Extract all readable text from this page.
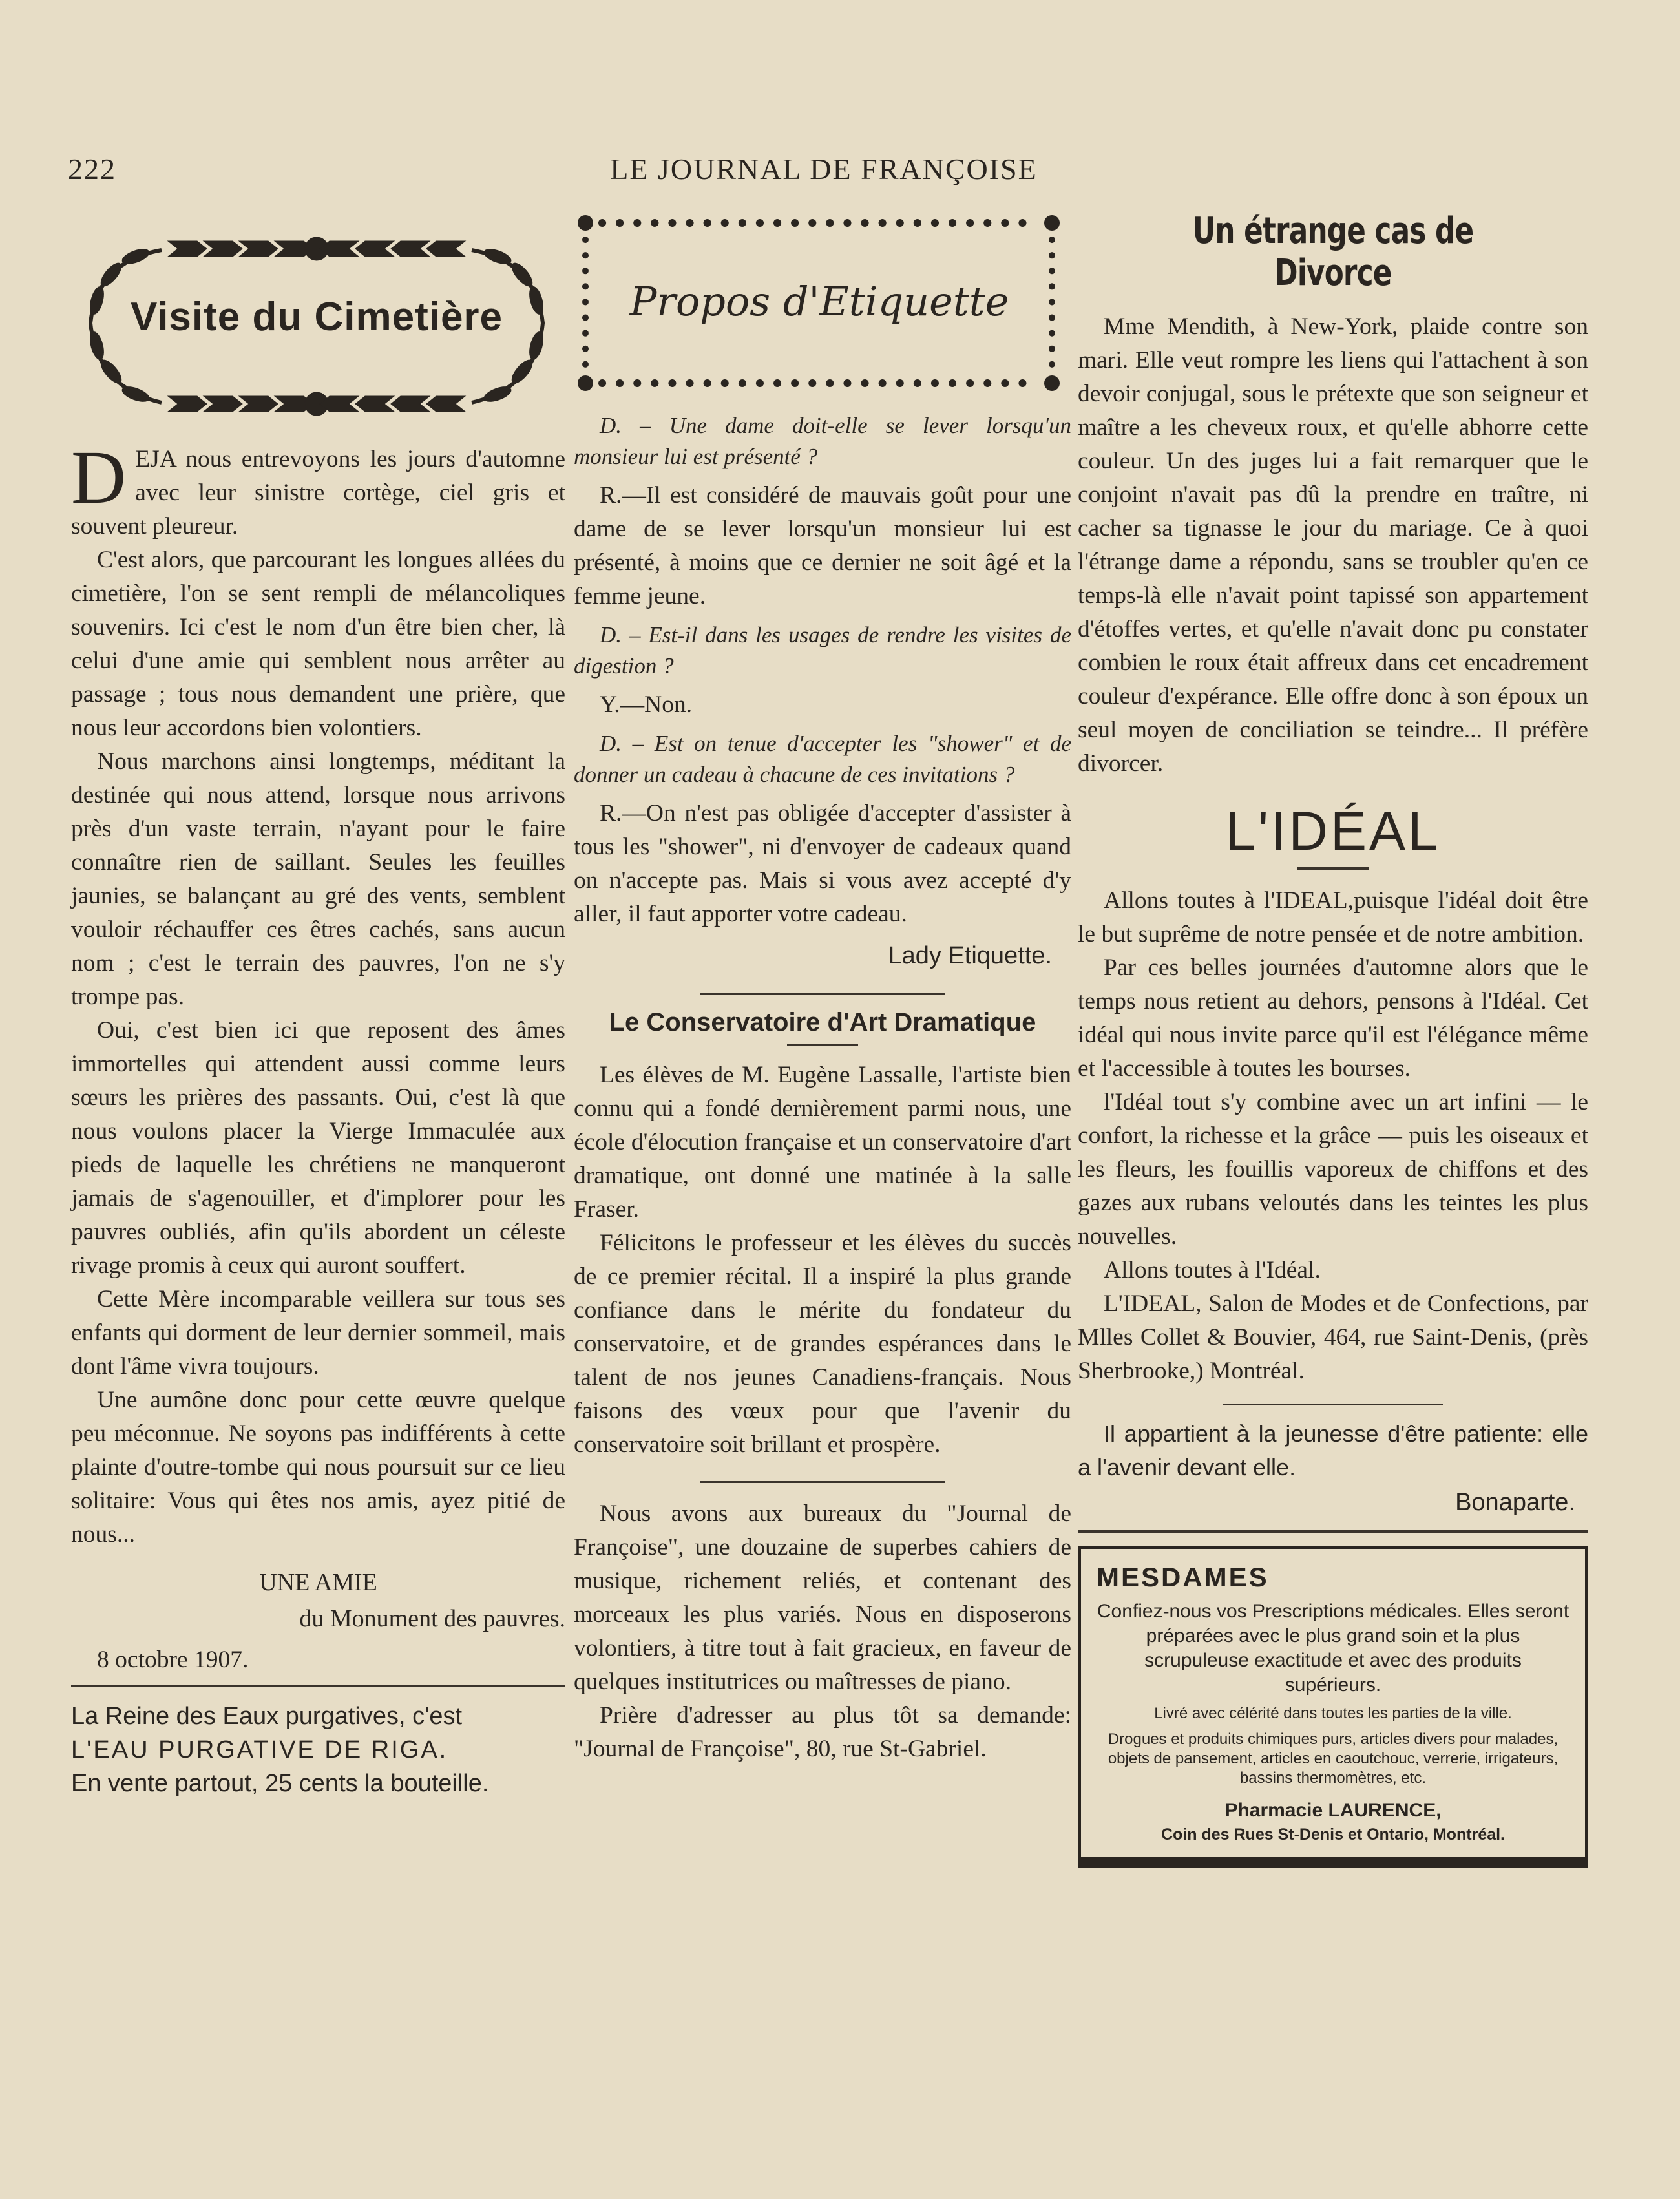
222	LE JOURNAL DE FRANÇOISE
Visite du Cimetière

DEJA nous entrevoyons les jours d'automne avec leur sinistre cortège, ciel gris et souvent pleureur.

C'est alors, que parcourant les longues allées du cimetière, l'on se sent rempli de mélancoliques souvenirs. Ici c'est le nom d'un être bien cher, là celui d'une amie qui semblent nous arrêter au passage ; tous nous demandent une prière, que nous leur accordons bien volontiers.

Nous marchons ainsi longtemps, méditant la destinée qui nous attend, lorsque nous arrivons près d'un vaste terrain, n'ayant pour le faire connaître rien de saillant. Seules les feuilles jaunies, se balançant au gré des vents, semblent vouloir réchauffer ces êtres cachés, sans aucun nom ; c'est le terrain des pauvres, l'on ne s'y trompe pas.

Oui, c'est bien ici que reposent des âmes immortelles qui attendent aussi comme leurs sœurs les prières des passants. Oui, c'est là que nous voulons placer la Vierge Immaculée aux pieds de laquelle les chrétiens ne manqueront jamais de s'agenouiller, et d'implorer pour les pauvres oubliés, afin qu'ils abordent un céleste rivage promis à ceux qui auront souffert.

Cette Mère incomparable veillera sur tous ses enfants qui dorment de leur dernier sommeil, mais dont l'âme vivra toujours.

Une aumône donc pour cette œuvre quelque peu méconnue. Ne soyons pas indifférents à cette plainte d'outre-tombe qui nous poursuit sur ce lieu solitaire: Vous qui êtes nos amis, ayez pitié de nous...

UNE AMIE

du Monument des pauvres.

8 octobre 1907.

La Reine des Eaux purgatives, c'est

L'EAU PURGATIVE DE RIGA.

En vente partout, 25 cents la bouteille.

Propos d'Etiquette

D. – Une dame doit-elle se lever lorsqu'un monsieur lui est présenté ?

R.—Il est considéré de mauvais goût pour une dame de se lever lorsqu'un monsieur lui est présenté, à moins que ce dernier ne soit âgé et la femme jeune.

D. – Est-il dans les usages de rendre les visites de digestion ?

Y.—Non.

D. – Est on tenue d'accepter les "shower" et de donner un cadeau à chacune de ces invitations ?

R.—On n'est pas obligée d'accepter d'assister à tous les "shower", ni d'envoyer de cadeaux quand on n'accepte pas. Mais si vous avez accepté d'y aller, il faut apporter votre cadeau.

Lady Etiquette.

Le Conservatoire d'Art Dramatique

Les élèves de M. Eugène Lassalle, l'artiste bien connu qui a fondé dernièrement parmi nous, une école d'élocution française et un conservatoire d'art dramatique, ont donné une matinée à la salle Fraser.

Félicitons le professeur et les élèves du succès de ce premier récital. Il a inspiré la plus grande confiance dans le mérite du fondateur du conservatoire, et de grandes espérances dans le talent de nos jeunes Canadiens-français. Nous faisons des vœux pour que l'avenir du conservatoire soit brillant et prospère.

Nous avons aux bureaux du "Journal de Françoise", une douzaine de superbes cahiers de musique, richement reliés, et contenant des morceaux les plus variés. Nous en disposerons volontiers, à titre tout à fait gracieux, en faveur de quelques institutrices ou maîtresses de piano.

Prière d'adresser au plus tôt sa demande: "Journal de Françoise", 80, rue St-Gabriel.

Un étrange cas de Divorce

Mme Mendith, à New-York, plaide contre son mari. Elle veut rompre les liens qui l'attachent à son devoir conjugal, sous le prétexte que son seigneur et maître a les cheveux roux, et qu'elle abhorre cette couleur. Un des juges lui a fait remarquer que le conjoint n'avait pas dû la prendre en traître, ni cacher sa tignasse le jour du mariage. Ce à quoi l'étrange dame a répondu, sans se troubler qu'en ce temps-là elle n'avait point tapissé son appartement d'étoffes vertes, et qu'elle n'avait donc pu constater combien le roux était affreux dans cet encadrement couleur d'expérance. Elle offre donc à son époux un seul moyen de conciliation se teindre... Il préfère divorcer.

L'IDÉAL

Allons toutes à l'IDEAL,puisque l'idéal doit être le but suprême de notre pensée et de notre ambition.

Par ces belles journées d'automne alors que le temps nous retient au dehors, pensons à l'Idéal. Cet idéal qui nous invite parce qu'il est l'élégance même et l'accessible à toutes les bourses.

l'Idéal tout s'y combine avec un art infini — le confort, la richesse et la grâce — puis les oiseaux et les fleurs, les fouillis vaporeux de chiffons et des gazes aux rubans veloutés dans les teintes les plus nouvelles.

Allons toutes à l'Idéal.

L'IDEAL, Salon de Modes et de Confections, par Mlles Collet & Bouvier, 464, rue Saint-Denis, (près Sherbrooke,) Montréal.

Il appartient à la jeunesse d'être patiente: elle a l'avenir devant elle.

Bonaparte.

MESDAMES

Confiez-nous vos Prescriptions médicales. Elles seront préparées avec le plus grand soin et la plus scrupuleuse exactitude et avec des produits supérieurs.

Livré avec célérité dans toutes les parties de la ville.

Drogues et produits chimiques purs, articles divers pour malades, objets de pansement, articles en caoutchouc, verrerie, irrigateurs, bassins thermomètres, etc.

Pharmacie LAURENCE,

Coin des Rues St-Denis et Ontario, Montréal.
